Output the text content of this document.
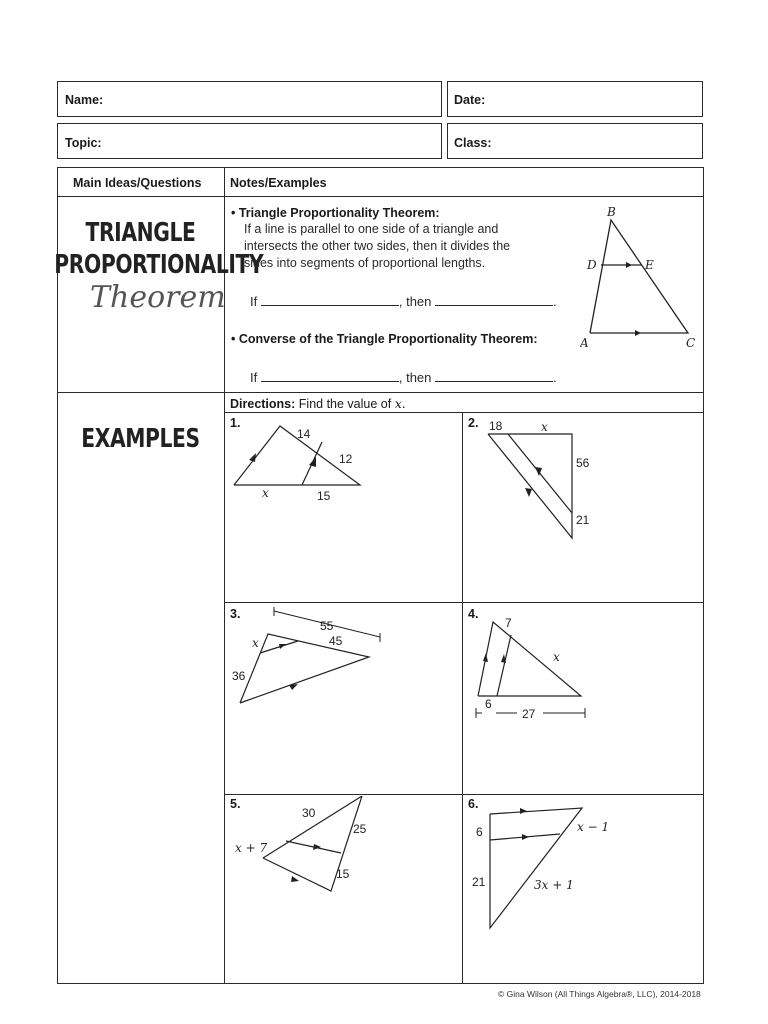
Name:	Date:
Topic:	Class:
Main Ideas/Questions Notes/Examples
TRIANGLE
PROPORTIONALITY
Theorem
• Triangle Proportionality Theorem:
If a line is parallel to one side of a triangle and
intersects the other two sides, then it divides the
sides into segments of proportional lengths.
If	, then	.
• Converse of the Triangle Proportionality Theorem:
If	, then	.
B
D	E
A	C
EXAMPLES
Directions: Find the value of x.
1.	2.
3.	4.
5.	6.
14
12
x	15
18	x
56
21
55
x	45
36
7
x
6
27
30
25
x + 7
15
6	x − 1
21	3x + 1
© Gina Wilson (All Things Algebra®, LLC), 2014-2018
